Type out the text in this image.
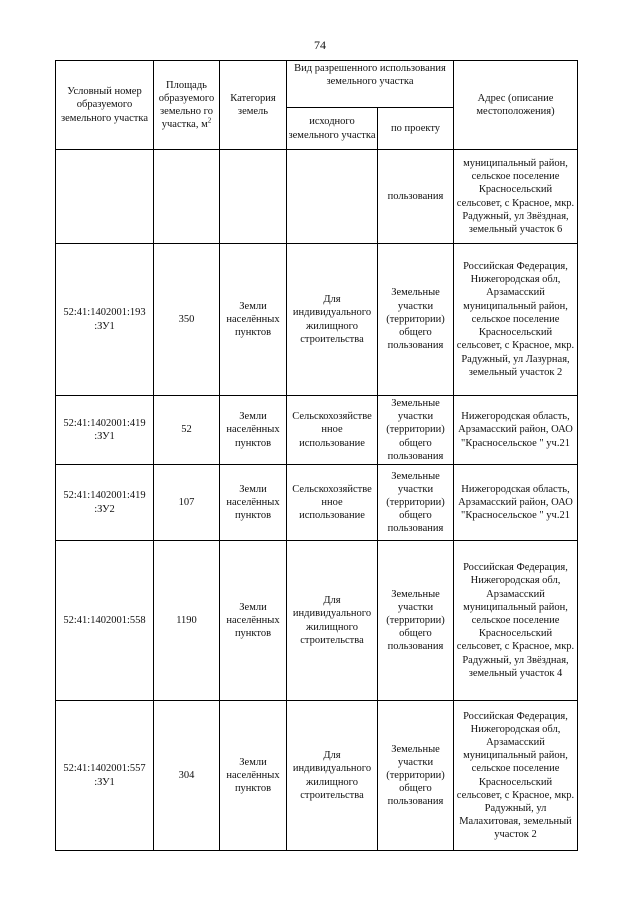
74
Условный номер образуемого земельного участка	Площадь образуемого земельно го участка, $м^2$	Категория земель	Вид разрешенного использования земельного участка		Адрес (описание местоположения)

			исходного земельного участка	по проекту	

				пользования	муниципальный район, сельское поселение Красносельский сельсовет, с Красное, мкр. Радужный, ул Звёздная, земельный участок 6
52:41:1402001:193 :ЗУ1	350	Земли населённых пунктов	Для индивидуального жилищного строительства	Земельные участки (территории) общего пользования	Российская Федерация, Нижегородская обл, Арзамасский муниципальный район, сельское поселение Красносельский сельсовет, с Красное, мкр. Радужный, ул Лазурная, земельный участок 2
52:41:1402001:419 :ЗУ1	52	Земли населённых пунктов	Сельскохозяйстве нное использование	Земельные участки (территории) общего пользования	Нижегородская область, Арзамасский район, ОАО "Красносельское " уч.21
52:41:1402001:419 :ЗУ2	107	Земли населённых пунктов	Сельскохозяйстве нное использование	Земельные участки (территории) общего пользования	Нижегородская область, Арзамасский район, ОАО "Красносельское " уч.21
52:41:1402001:558	1190	Земли населённых пунктов	Для индивидуального жилищного строительства	Земельные участки (территории) общего пользования	Российская Федерация, Нижегородская обл, Арзамасский муниципальный район, сельское поселение Красносельский сельсовет, с Красное, мкр. Радужный, ул Звёздная, земельный участок 4
52:41:1402001:557 :ЗУ1	304	Земли населённых пунктов	Для индивидуального жилищного строительства	Земельные участки (территории) общего пользования	Российская Федерация, Нижегородская обл, Арзамасский муниципальный район, сельское поселение Красносельский сельсовет, с Красное, мкр. Радужный, ул Малахитовая, земельный участок 2
